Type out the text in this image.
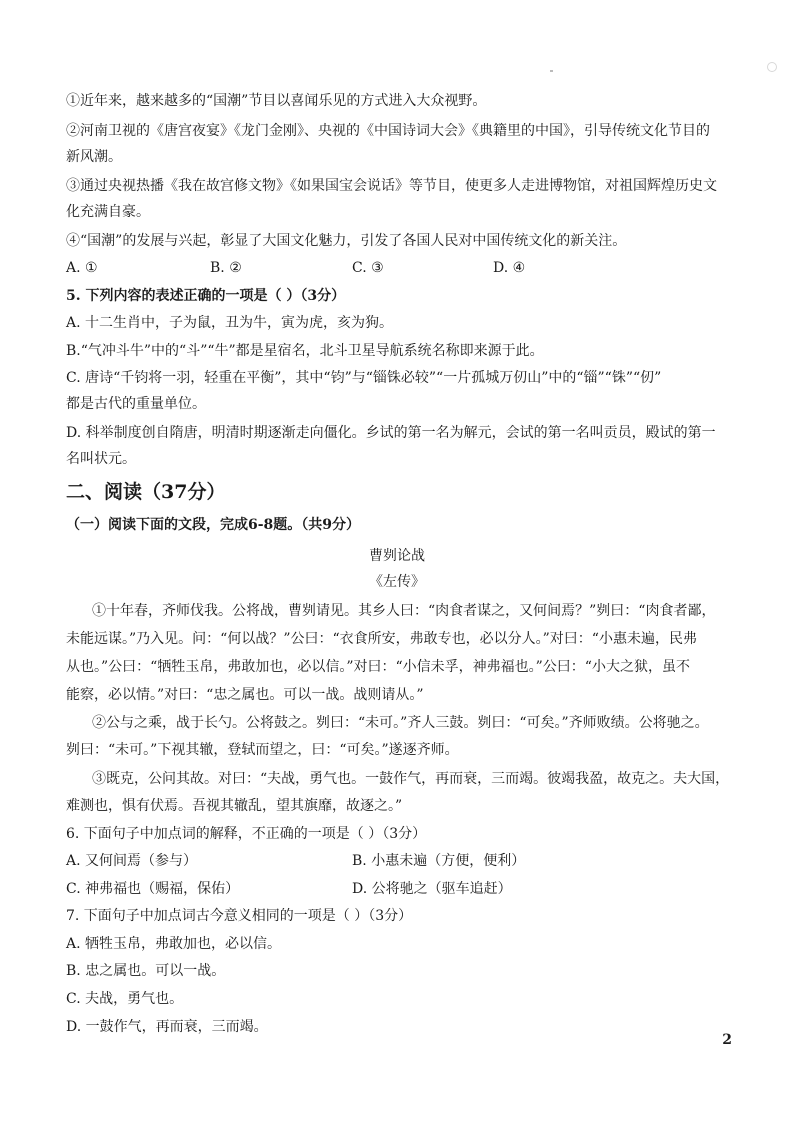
①近年来，越来越多的“国潮”节目以喜闻乐见的方式进入大众视野。
②河南卫视的《唐宫夜宴》《龙门金刚》、央视的《中国诗词大会》《典籍里的中国》，引导传统文化节目的
新风潮。
③通过央视热播《我在故宫修文物》《如果国宝会说话》等节目，使更多人走进博物馆，对祖国辉煌历史文
化充满自豪。
④“国潮”的发展与兴起，彰显了大国文化魅力，引发了各国人民对中国传统文化的新关注。
A. ①	B. ②	C. ③	D. ④
5. 下列内容的表述正确的一项是（ ）（3分）
A. 十二生肖中，子为鼠，丑为牛，寅为虎，亥为狗。
B.“气冲斗牛”中的“斗”“牛”都是星宿名，北斗卫星导航系统名称即来源于此。
C. 唐诗“千钧将一羽，轻重在平衡”，其中“钧”与“锱铢必较”“一片孤城万仞山”中的“锱”“铢”“仞”
都是古代的重量单位。
D. 科举制度创自隋唐，明清时期逐渐走向僵化。乡试的第一名为解元，会试的第一名叫贡员，殿试的第一
名叫状元。
二、阅读（37分）
（一）阅读下面的文段，完成6-8题。（共9分）
曹刿论战
《左传》
①十年春，齐师伐我。公将战，曹刿请见。其乡人曰：“肉食者谋之，又何间焉？”刿曰：“肉食者鄙，
未能远谋。”乃入见。问：“何以战？”公曰：“衣食所安，弗敢专也，必以分人。”对曰：“小惠未遍，民弗
从也。”公曰：“牺牲玉帛，弗敢加也，必以信。”对曰：“小信未孚，神弗福也。”公曰：“小大之狱，虽不
能察，必以情。”对曰：“忠之属也。可以一战。战则请从。”
②公与之乘，战于长勺。公将鼓之。刿曰：“未可。”齐人三鼓。刿曰：“可矣。”齐师败绩。公将驰之。
刿曰：“未可。”下视其辙，登轼而望之，曰：“可矣。”遂逐齐师。
③既克，公问其故。对曰：“夫战，勇气也。一鼓作气，再而衰，三而竭。彼竭我盈，故克之。夫大国，
难测也，惧有伏焉。吾视其辙乱，望其旗靡，故逐之。”
6. 下面句子中加点词的解释，不正确的一项是（ ）（3分）
A. 又何间焉（参与）	B. 小惠未遍（方便，便利）
C. 神弗福也（赐福，保佑）	D. 公将驰之（驱车追赶）
7. 下面句子中加点词古今意义相同的一项是（ ）（3分）
A. 牺牲玉帛，弗敢加也，必以信。
B. 忠之属也。可以一战。
C. 夫战，勇气也。
D. 一鼓作气，再而衰，三而竭。
2
